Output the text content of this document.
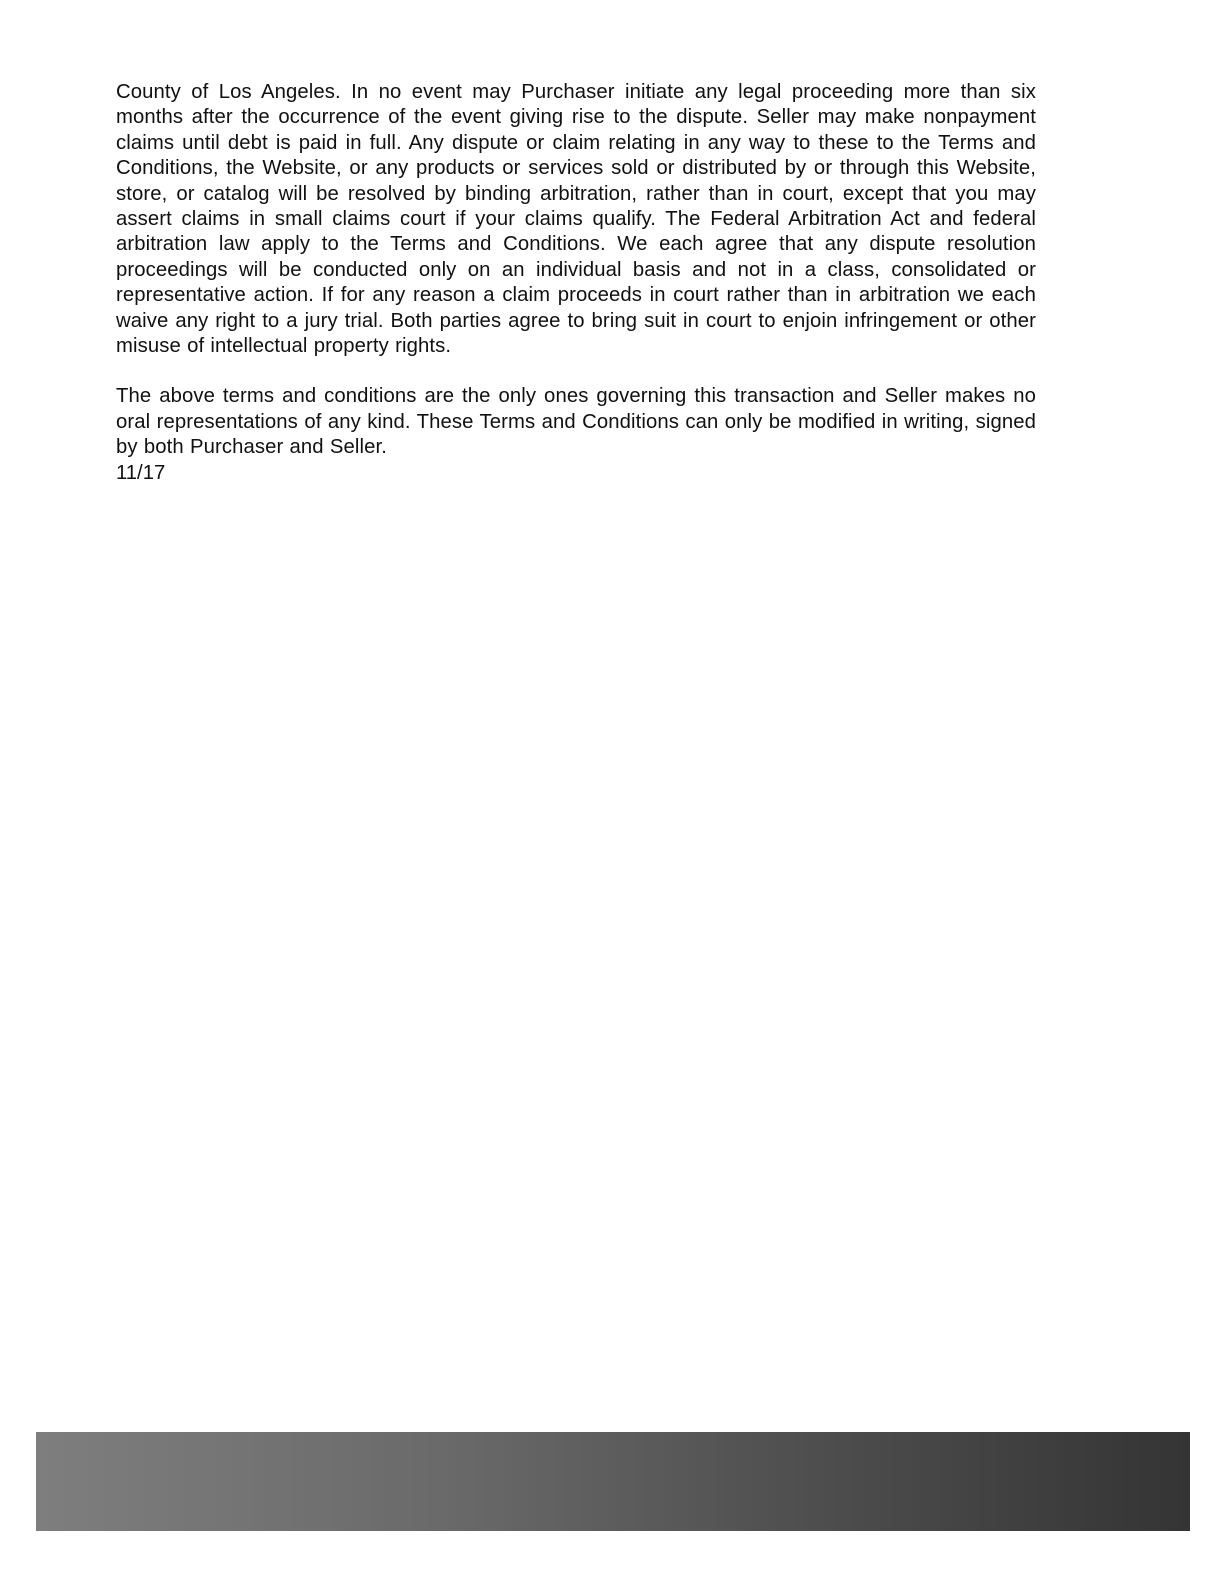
County of Los Angeles. In no event may Purchaser initiate any legal proceeding more than six months after the occurrence of the event giving rise to the dispute. Seller may make nonpayment claims until debt is paid in full. Any dispute or claim relating in any way to these to the Terms and Conditions, the Website, or any products or services sold or distributed by or through this Website, store, or catalog will be resolved by binding arbitration, rather than in court, except that you may assert claims in small claims court if your claims qualify. The Federal Arbitration Act and federal arbitration law apply to the Terms and Conditions. We each agree that any dispute resolution proceedings will be conducted only on an individual basis and not in a class, consolidated or representative action. If for any reason a claim proceeds in court rather than in arbitration we each waive any right to a jury trial. Both parties agree to bring suit in court to enjoin infringement or other misuse of intellectual property rights.

The above terms and conditions are the only ones governing this transaction and Seller makes no oral representations of any kind. These Terms and Conditions can only be modified in writing, signed by both Purchaser and Seller.

11/17
